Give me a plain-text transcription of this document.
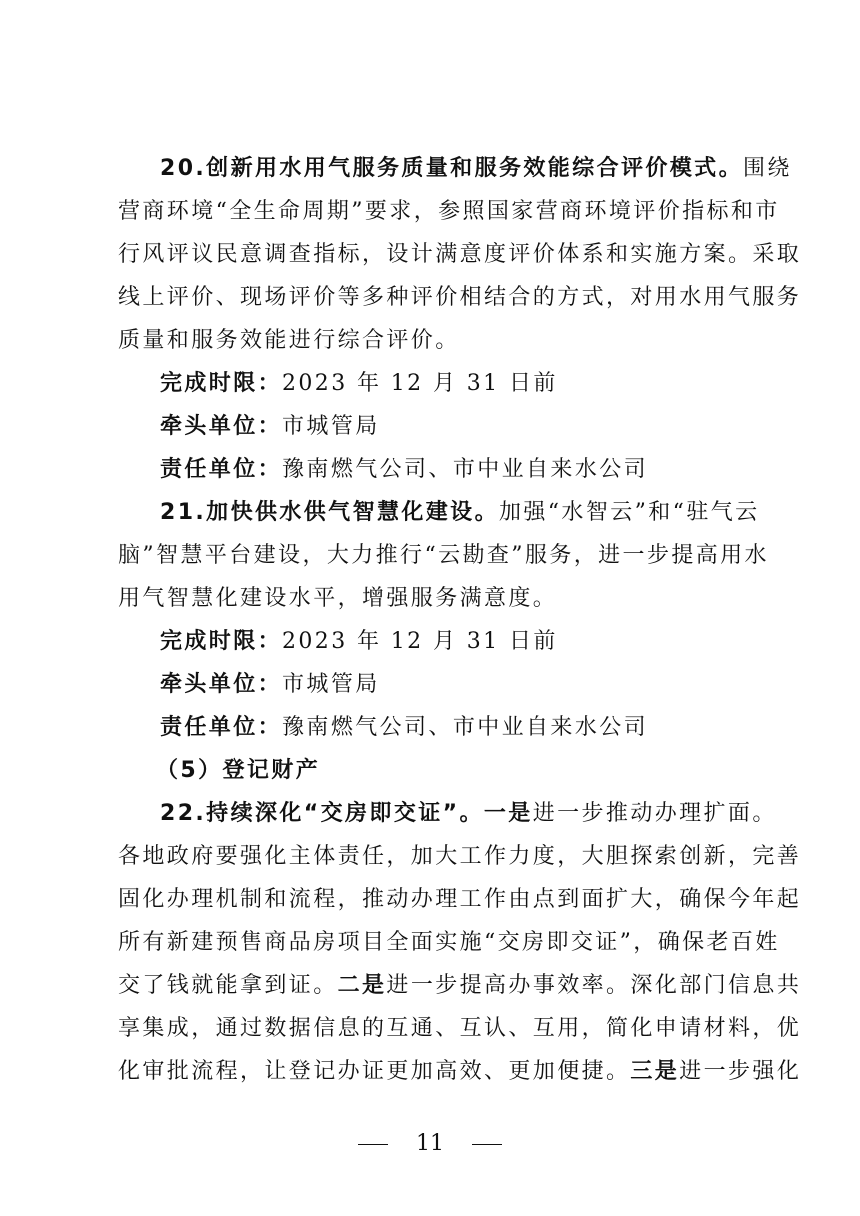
20.创新用水用气服务质量和服务效能综合评价模式。围绕
营商环境“全生命周期”要求，参照国家营商环境评价指标和市
行风评议民意调查指标，设计满意度评价体系和实施方案。采取
线上评价、现场评价等多种评价相结合的方式，对用水用气服务
质量和服务效能进行综合评价。
完成时限：2023 年 12 月 31 日前
牵头单位：市城管局
责任单位：豫南燃气公司、市中业自来水公司
21.加快供水供气智慧化建设。加强“水智云”和“驻气云
脑”智慧平台建设，大力推行“云勘查”服务，进一步提高用水
用气智慧化建设水平，增强服务满意度。
完成时限：2023 年 12 月 31 日前
牵头单位：市城管局
责任单位：豫南燃气公司、市中业自来水公司
（5）登记财产
22.持续深化“交房即交证”。一是进一步推动办理扩面。
各地政府要强化主体责任，加大工作力度，大胆探索创新，完善
固化办理机制和流程，推动办理工作由点到面扩大，确保今年起
所有新建预售商品房项目全面实施“交房即交证”，确保老百姓
交了钱就能拿到证。二是进一步提高办事效率。深化部门信息共
享集成，通过数据信息的互通、互认、互用，简化申请材料，优
化审批流程，让登记办证更加高效、更加便捷。三是进一步强化
11
